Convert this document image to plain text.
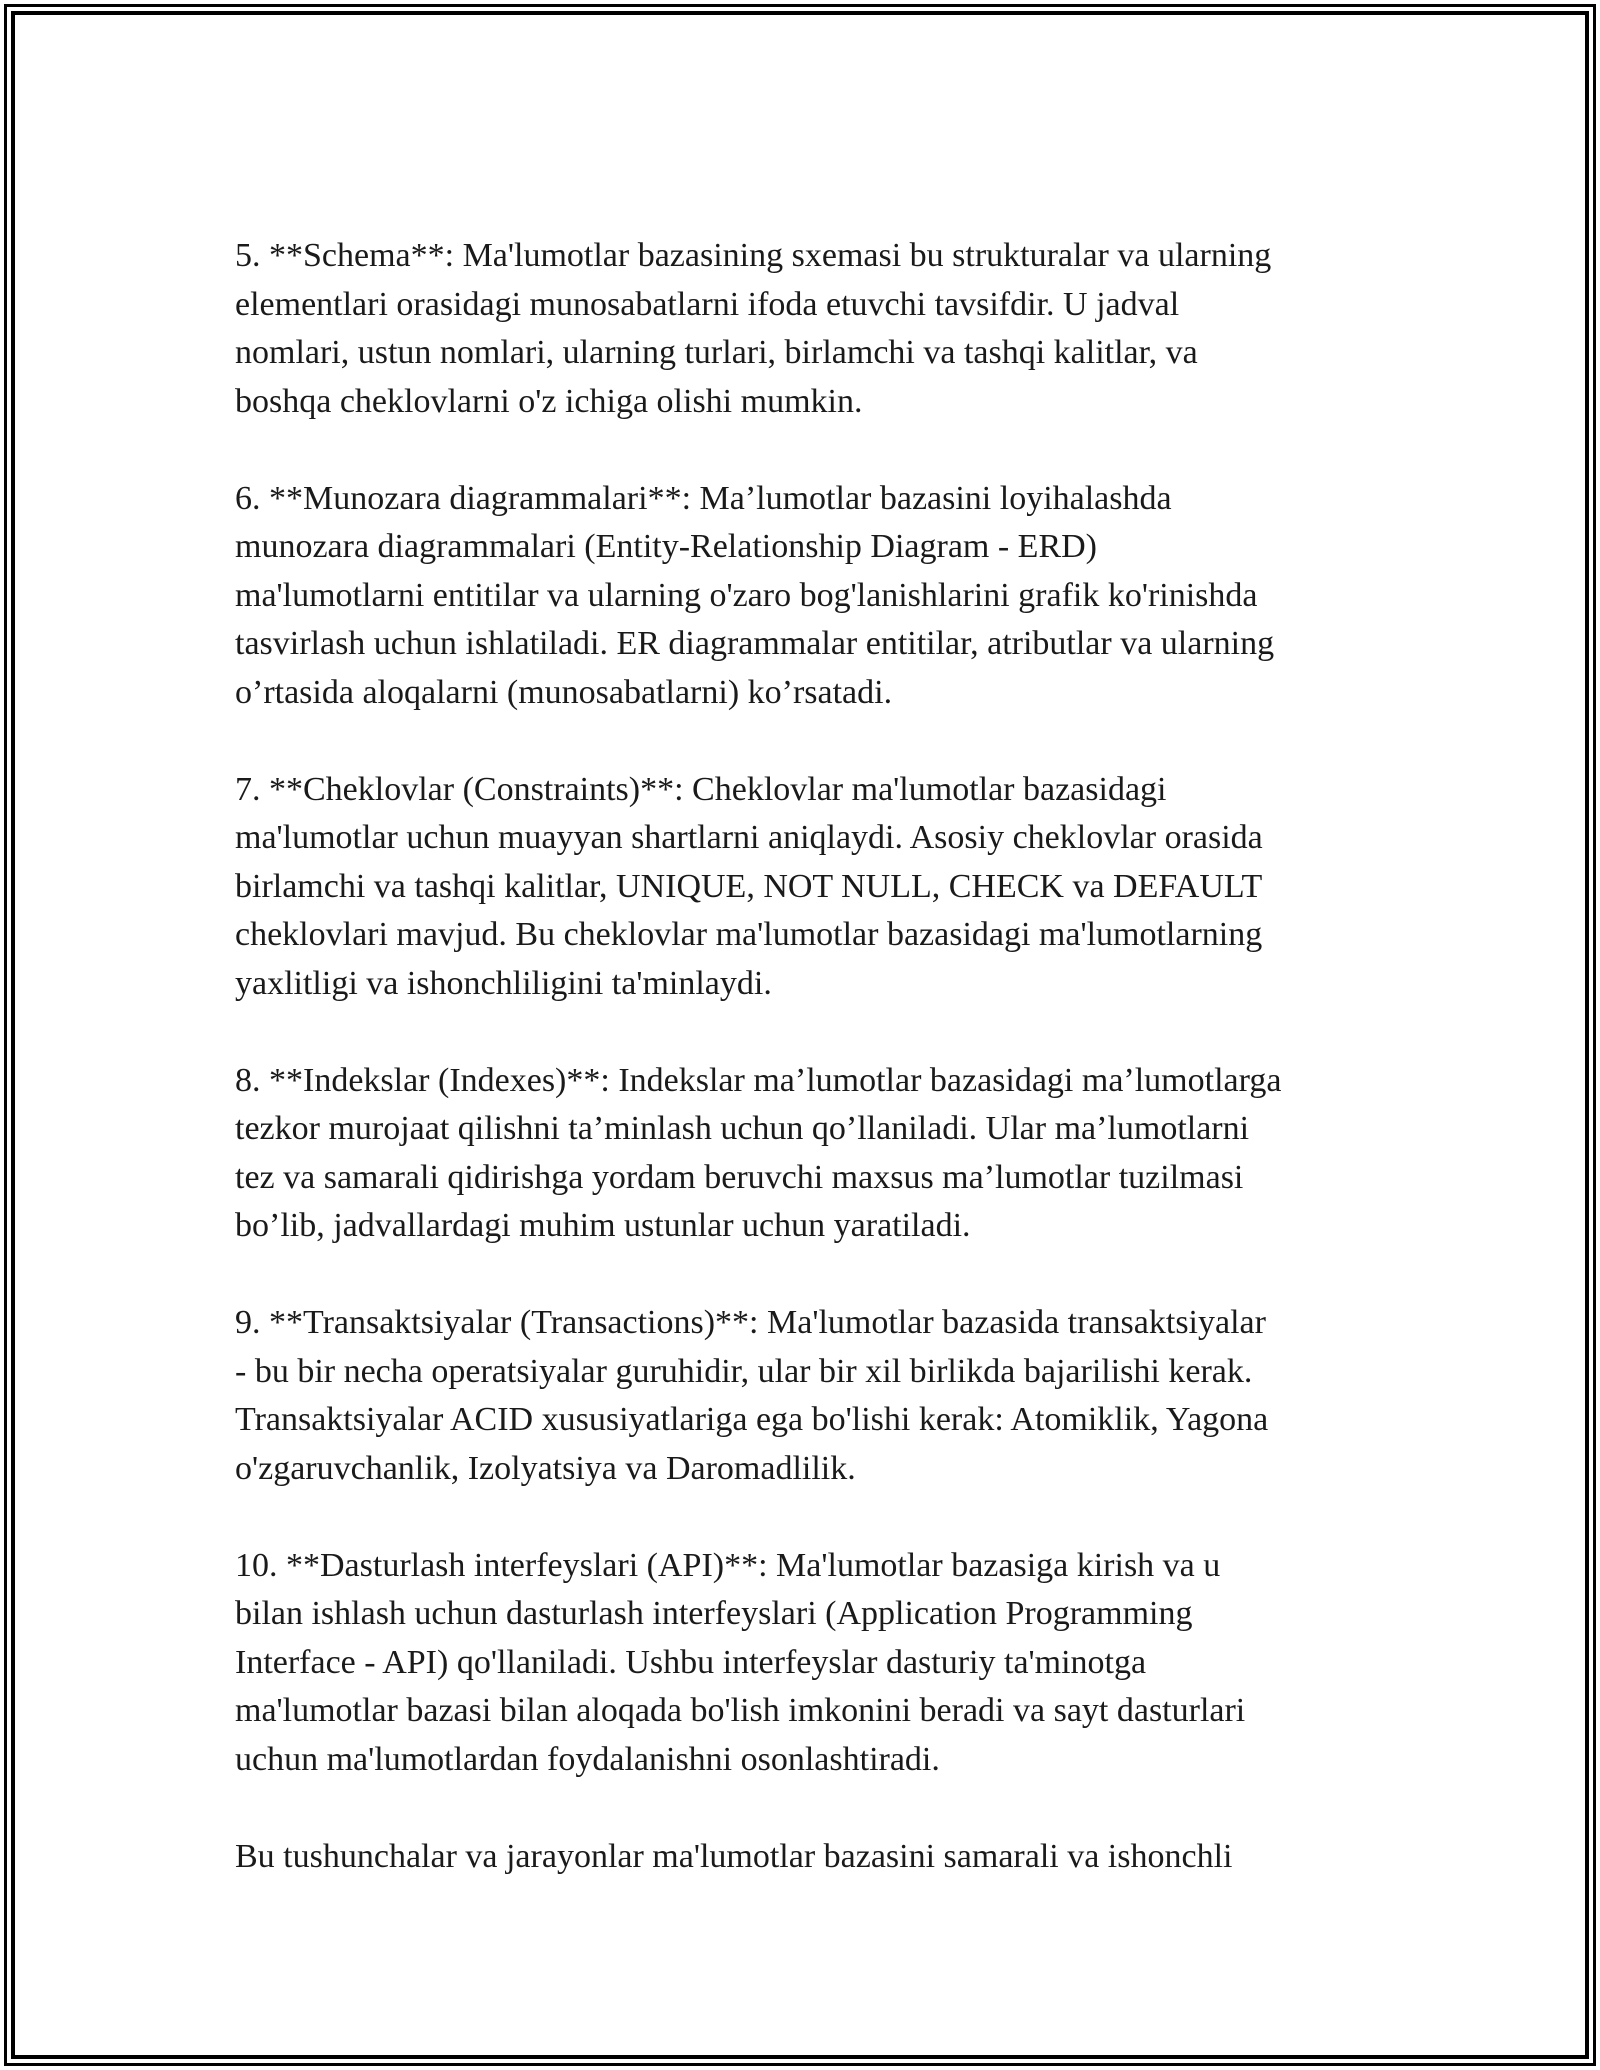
5. **Schema**: Ma'lumotlar bazasining sxemasi bu strukturalar va ularning
elementlari orasidagi munosabatlarni ifoda etuvchi tavsifdir. U jadval
nomlari, ustun nomlari, ularning turlari, birlamchi va tashqi kalitlar, va
boshqa cheklovlarni o'z ichiga olishi mumkin.

6. **Munozara diagrammalari**: Ma’lumotlar bazasini loyihalashda
munozara diagrammalari (Entity-Relationship Diagram - ERD)
ma'lumotlarni entitilar va ularning o'zaro bog'lanishlarini grafik ko'rinishda
tasvirlash uchun ishlatiladi. ER diagrammalar entitilar, atributlar va ularning
o’rtasida aloqalarni (munosabatlarni) ko’rsatadi.

7. **Cheklovlar (Constraints)**: Cheklovlar ma'lumotlar bazasidagi
ma'lumotlar uchun muayyan shartlarni aniqlaydi. Asosiy cheklovlar orasida
birlamchi va tashqi kalitlar, UNIQUE, NOT NULL, CHECK va DEFAULT
cheklovlari mavjud. Bu cheklovlar ma'lumotlar bazasidagi ma'lumotlarning
yaxlitligi va ishonchliligini ta'minlaydi.

8. **Indekslar (Indexes)**: Indekslar ma’lumotlar bazasidagi ma’lumotlarga
tezkor murojaat qilishni ta’minlash uchun qo’llaniladi. Ular ma’lumotlarni
tez va samarali qidirishga yordam beruvchi maxsus ma’lumotlar tuzilmasi
bo’lib, jadvallardagi muhim ustunlar uchun yaratiladi.

9. **Transaktsiyalar (Transactions)**: Ma'lumotlar bazasida transaktsiyalar
- bu bir necha operatsiyalar guruhidir, ular bir xil birlikda bajarilishi kerak.
Transaktsiyalar ACID xususiyatlariga ega bo'lishi kerak: Atomiklik, Yagona
o'zgaruvchanlik, Izolyatsiya va Daromadlilik.

10. **Dasturlash interfeyslari (API)**: Ma'lumotlar bazasiga kirish va u
bilan ishlash uchun dasturlash interfeyslari (Application Programming
Interface - API) qo'llaniladi. Ushbu interfeyslar dasturiy ta'minotga
ma'lumotlar bazasi bilan aloqada bo'lish imkonini beradi va sayt dasturlari
uchun ma'lumotlardan foydalanishni osonlashtiradi.

Bu tushunchalar va jarayonlar ma'lumotlar bazasini samarali va ishonchli
